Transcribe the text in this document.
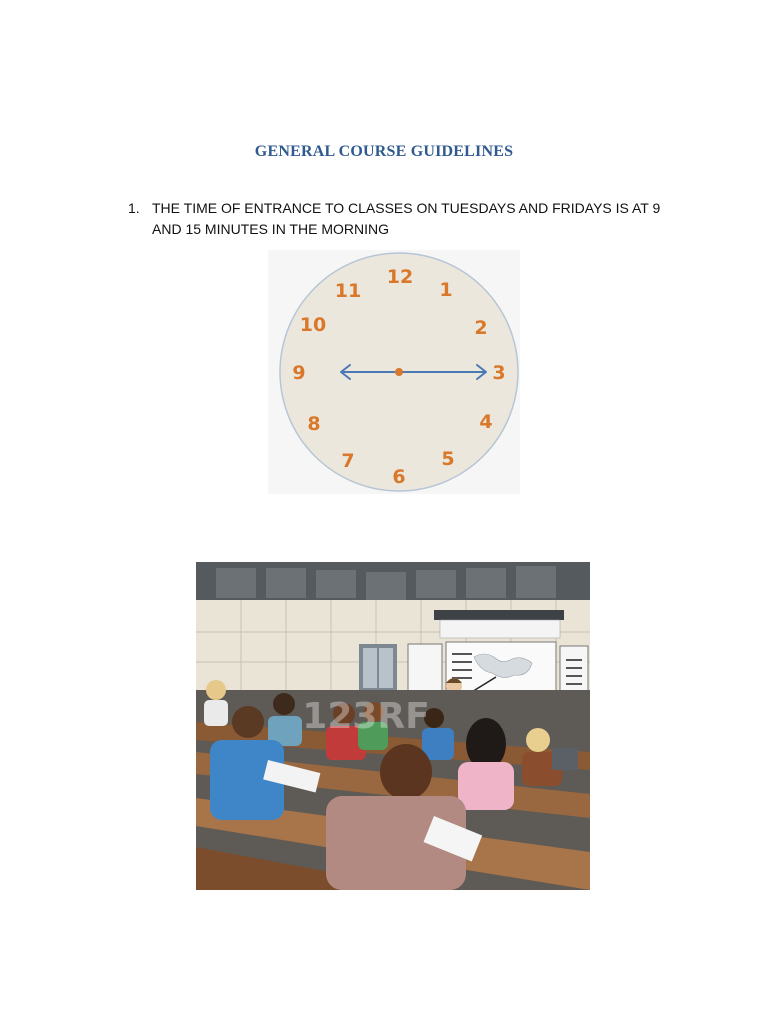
GENERAL COURSE GUIDELINES
1. THE TIME OF ENTRANCE TO CLASSES ON TUESDAYS AND FRIDAYS IS AT 9 AND 15 MINUTES IN THE MORNING
12
1
2
3
4
5
6
7
8
9
10
11
123RF
